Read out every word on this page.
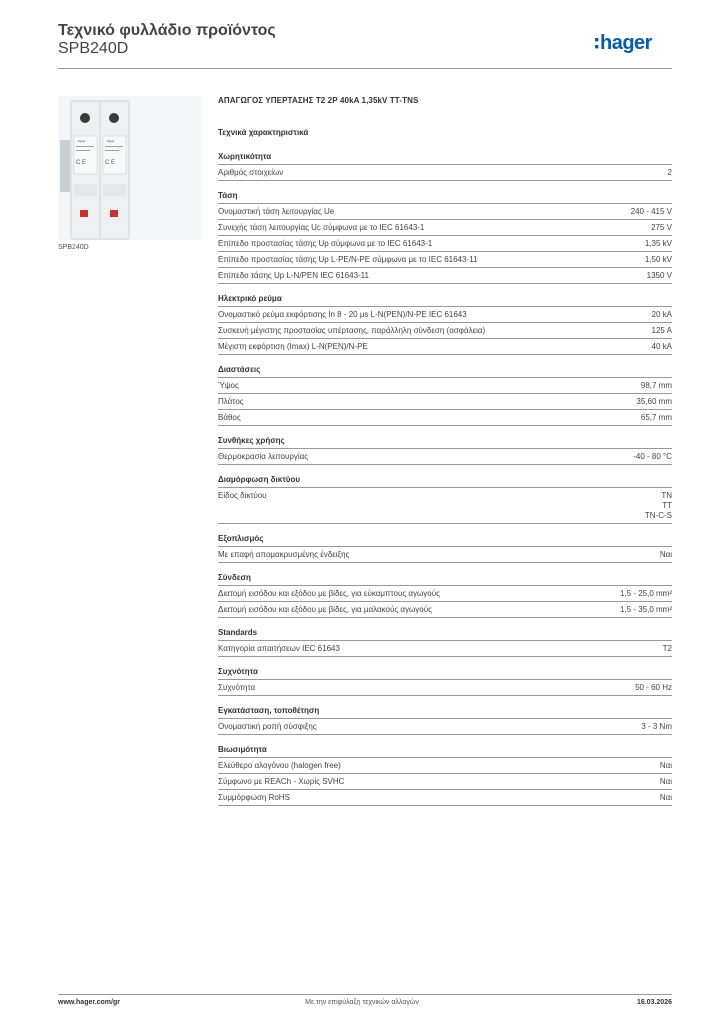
Τεχνικό φυλλάδιο προϊόντος
SPB240D	hager
:hager	:hager
C E	C E
SPB240D
ΑΠΑΓΩΓΟΣ ΥΠΕΡΤΑΣΗΣ Τ2 2Ρ 40kA 1,35kV TT-TNS
Τεχνικά χαρακτηριστικά
Χωρητικότητα
Αριθμός στοιχείων	2
Τάση
Ονομαστική τάση λειτουργίας Ue	240 - 415 V
Συνεχής τάση λειτουργίας Uc σύμφωνα με το IEC 61643-1	275 V
Επίπεδο προστασίας τάσης Up σύμφωνα με το IEC 61643-1	1,35 kV
Επίπεδο προστασίας τάσης Up L-PE/N-PE σύμφωνα με το IEC 61643-11	1,50 kV
Επίπεδο τάσης Up L-N/PEN IEC 61643-11	1350 V
Ηλεκτρικό ρεύμα
Ονομαστικό ρεύμα εκφόρτισης In 8 - 20 µs L-N(PEN)/N-PE IEC 61643	20 kA
Συσκευή μέγιστης προστασίας υπέρτασης, παράλληλη σύνδεση (ασφάλεια)	125 A
Μέγιστη εκφόρτιση (Imax) L-N(PEN)/N-PE	40 kA
Διαστάσεις
Ύψος	98,7 mm
Πλάτος	35,60 mm
Βάθος	65,7 mm
Συνθήκες χρήσης
Θερμοκρασία λειτουργίας	-40 - 80 °C
Διαμόρφωση δικτύου
Είδος δικτύου	TN
TT
TN-C-S
Εξοπλισμός
Με επαφή απομακρυσμένης ένδειξης	Ναι
Σύνδεση
Διατομή εισόδου και εξόδου με βίδες, για εύκαμπτους αγωγούς	1,5 - 25,0 mm²
Διατομή εισόδου και εξόδου με βίδες, για μαλακούς αγωγούς	1,5 - 35,0 mm²
Standards
Κατηγορία απαιτήσεων IEC 61643	T2
Συχνότητα
Συχνότητα	50 - 60 Hz
Εγκατάσταση, τοποθέτηση
Ονομαστική ροπή σύσφιξης	3 - 3 Nm
Βιωσιμότητα
Ελεύθερο αλογόνου (halogen free)	Ναι
Σύμφωνο με REACh - Χωρίς SVHC	Ναι
Συμμόρφωση RoHS	Ναι
www.hager.com/gr	Με την επιφύλαξη τεχνικών αλλαγών	16.03.2026
